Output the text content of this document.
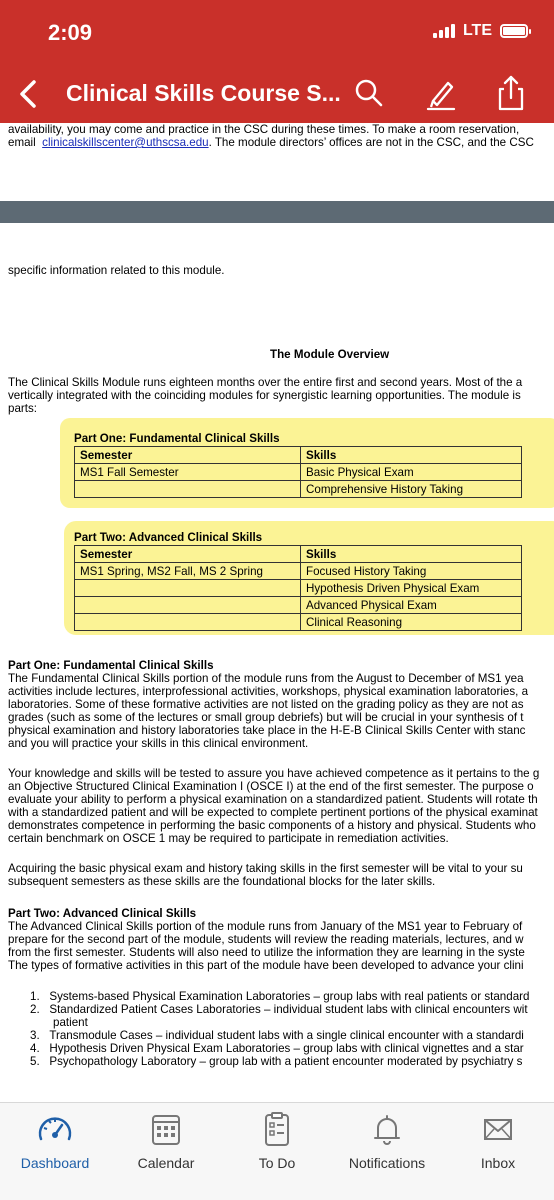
2:09	LTE
Clinical Skills Course S...
availability, you may come and practice in the CSC during these times. To make a room reservation,
email clinicalskillscenter@uthscsa.edu. The module directors’ offices are not in the CSC, and the CSC
specific information related to this module.
The Module Overview
The Clinical Skills Module runs eighteen months over the entire first and second years. Most of the a
vertically integrated with the coinciding modules for synergistic learning opportunities. The module is
parts:
Part One: Fundamental Clinical Skills
Semester	Skills
MS1 Fall Semester	Basic Physical Exam
	Comprehensive History Taking
Part Two: Advanced Clinical Skills
Semester	Skills
MS1 Spring, MS2 Fall, MS 2 Spring	Focused History Taking
	Hypothesis Driven Physical Exam
	Advanced Physical Exam
	Clinical Reasoning
Part One: Fundamental Clinical Skills
The Fundamental Clinical Skills portion of the module runs from the August to December of MS1 yea
activities include lectures, interprofessional activities, workshops, physical examination laboratories, a
laboratories. Some of these formative activities are not listed on the grading policy as they are not as
grades (such as some of the lectures or small group debriefs) but will be crucial in your synthesis of t
physical examination and history laboratories take place in the H-E-B Clinical Skills Center with stanc
and you will practice your skills in this clinical environment.
Your knowledge and skills will be tested to assure you have achieved competence as it pertains to the g
an Objective Structured Clinical Examination I (OSCE I) at the end of the first semester. The purpose o
evaluate your ability to perform a physical examination on a standardized patient. Students will rotate th
with a standardized patient and will be expected to complete pertinent portions of the physical examinat
demonstrates competence in performing the basic components of a history and physical. Students who
certain benchmark on OSCE 1 may be required to participate in remediation activities.
Acquiring the basic physical exam and history taking skills in the first semester will be vital to your su
subsequent semesters as these skills are the foundational blocks for the later skills.
Part Two: Advanced Clinical Skills
The Advanced Clinical Skills portion of the module runs from January of the MS1 year to February of
prepare for the second part of the module, students will review the reading materials, lectures, and w
from the first semester. Students will also need to utilize the information they are learning in the syste
The types of formative activities in this part of the module have been developed to advance your clini
1. Systems-based Physical Examination Laboratories – group labs with real patients or standard
2. Standardized Patient Cases Laboratories – individual student labs with clinical encounters wit
patient
3. Transmodule Cases – individual student labs with a single clinical encounter with a standardi
4. Hypothesis Driven Physical Exam Laboratories – group labs with clinical vignettes and a star
5. Psychopathology Laboratory – group lab with a patient encounter moderated by psychiatry s
Dashboard	Calendar	To Do	Notifications	Inbox
